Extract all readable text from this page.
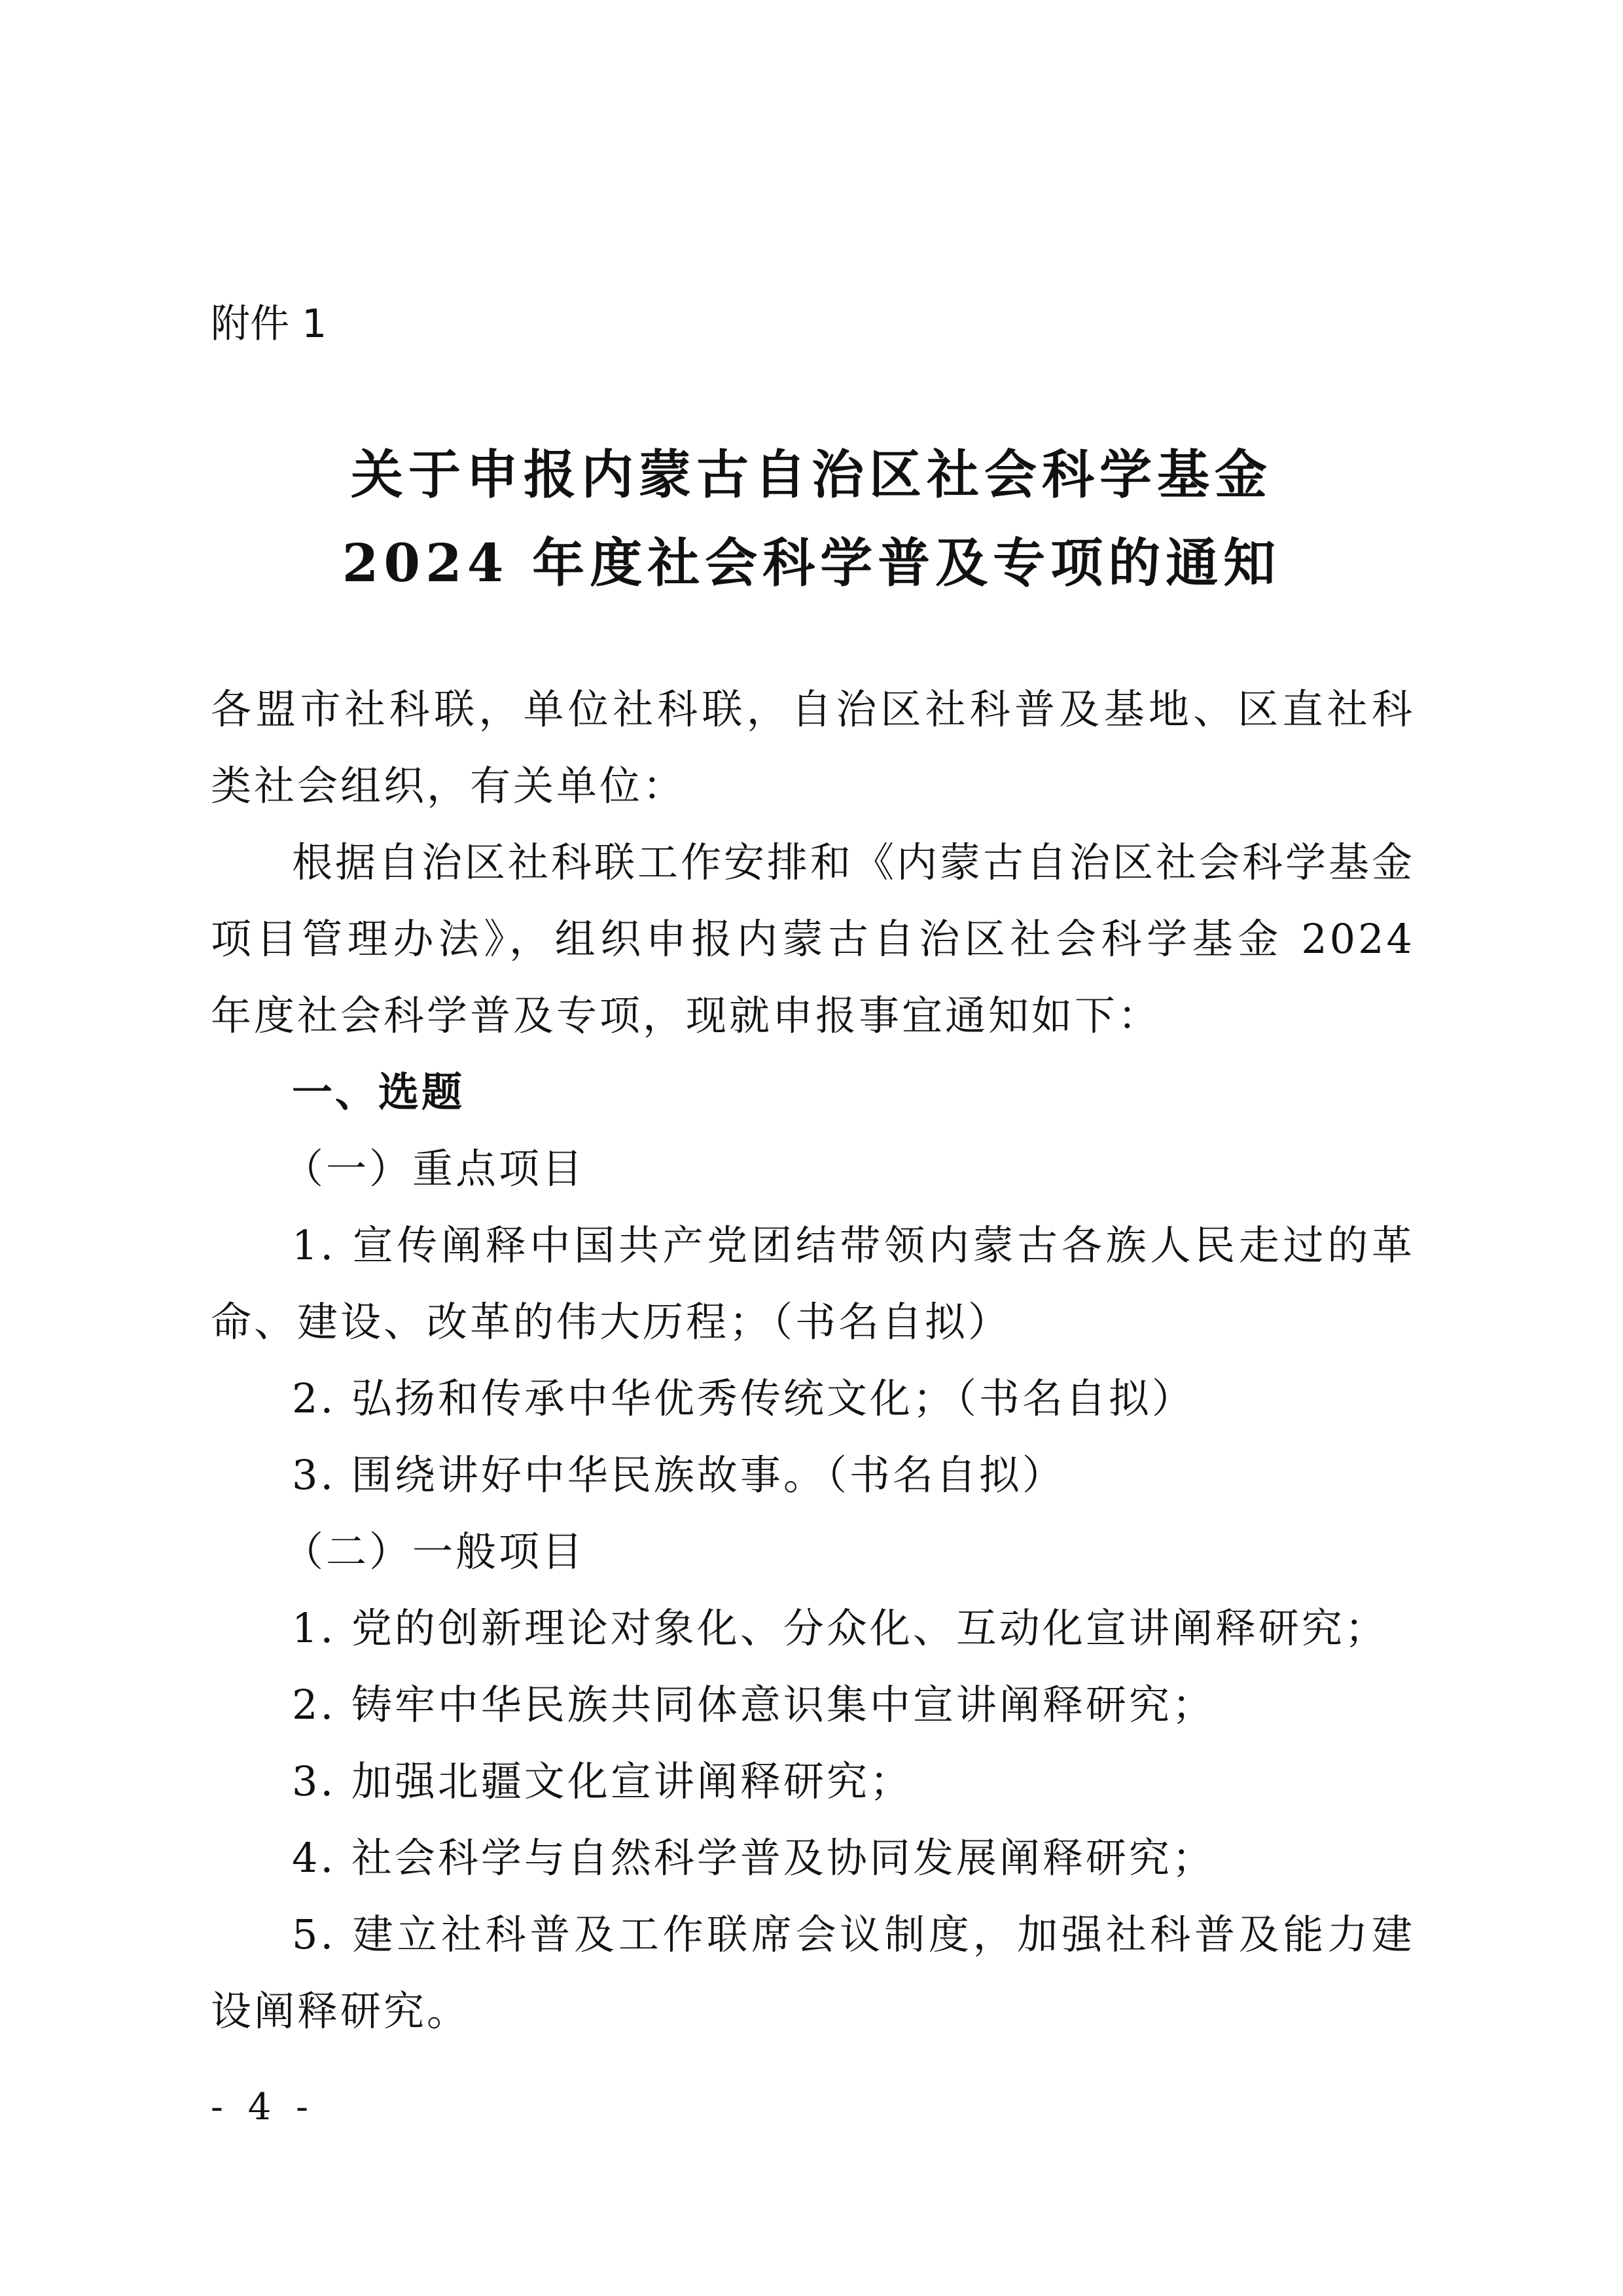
附件 1

关于申报内蒙古自治区社会科学基金
2024 年度社会科学普及专项的通知

各盟市社科联，单位社科联，自治区社科普及基地、区直社科类社会组织，有关单位：

根据自治区社科联工作安排和《内蒙古自治区社会科学基金项目管理办法》，组织申报内蒙古自治区社会科学基金 2024 年度社会科学普及专项，现就申报事宜通知如下：

一、选题

（一）重点项目

1. 宣传阐释中国共产党团结带领内蒙古各族人民走过的革命、建设、改革的伟大历程；（书名自拟）

2. 弘扬和传承中华优秀传统文化；（书名自拟）

3. 围绕讲好中华民族故事。（书名自拟）

（二）一般项目

1. 党的创新理论对象化、分众化、互动化宣讲阐释研究；

2. 铸牢中华民族共同体意识集中宣讲阐释研究；

3. 加强北疆文化宣讲阐释研究；

4. 社会科学与自然科学普及协同发展阐释研究；

5. 建立社科普及工作联席会议制度，加强社科普及能力建设阐释研究。

- 4 -
